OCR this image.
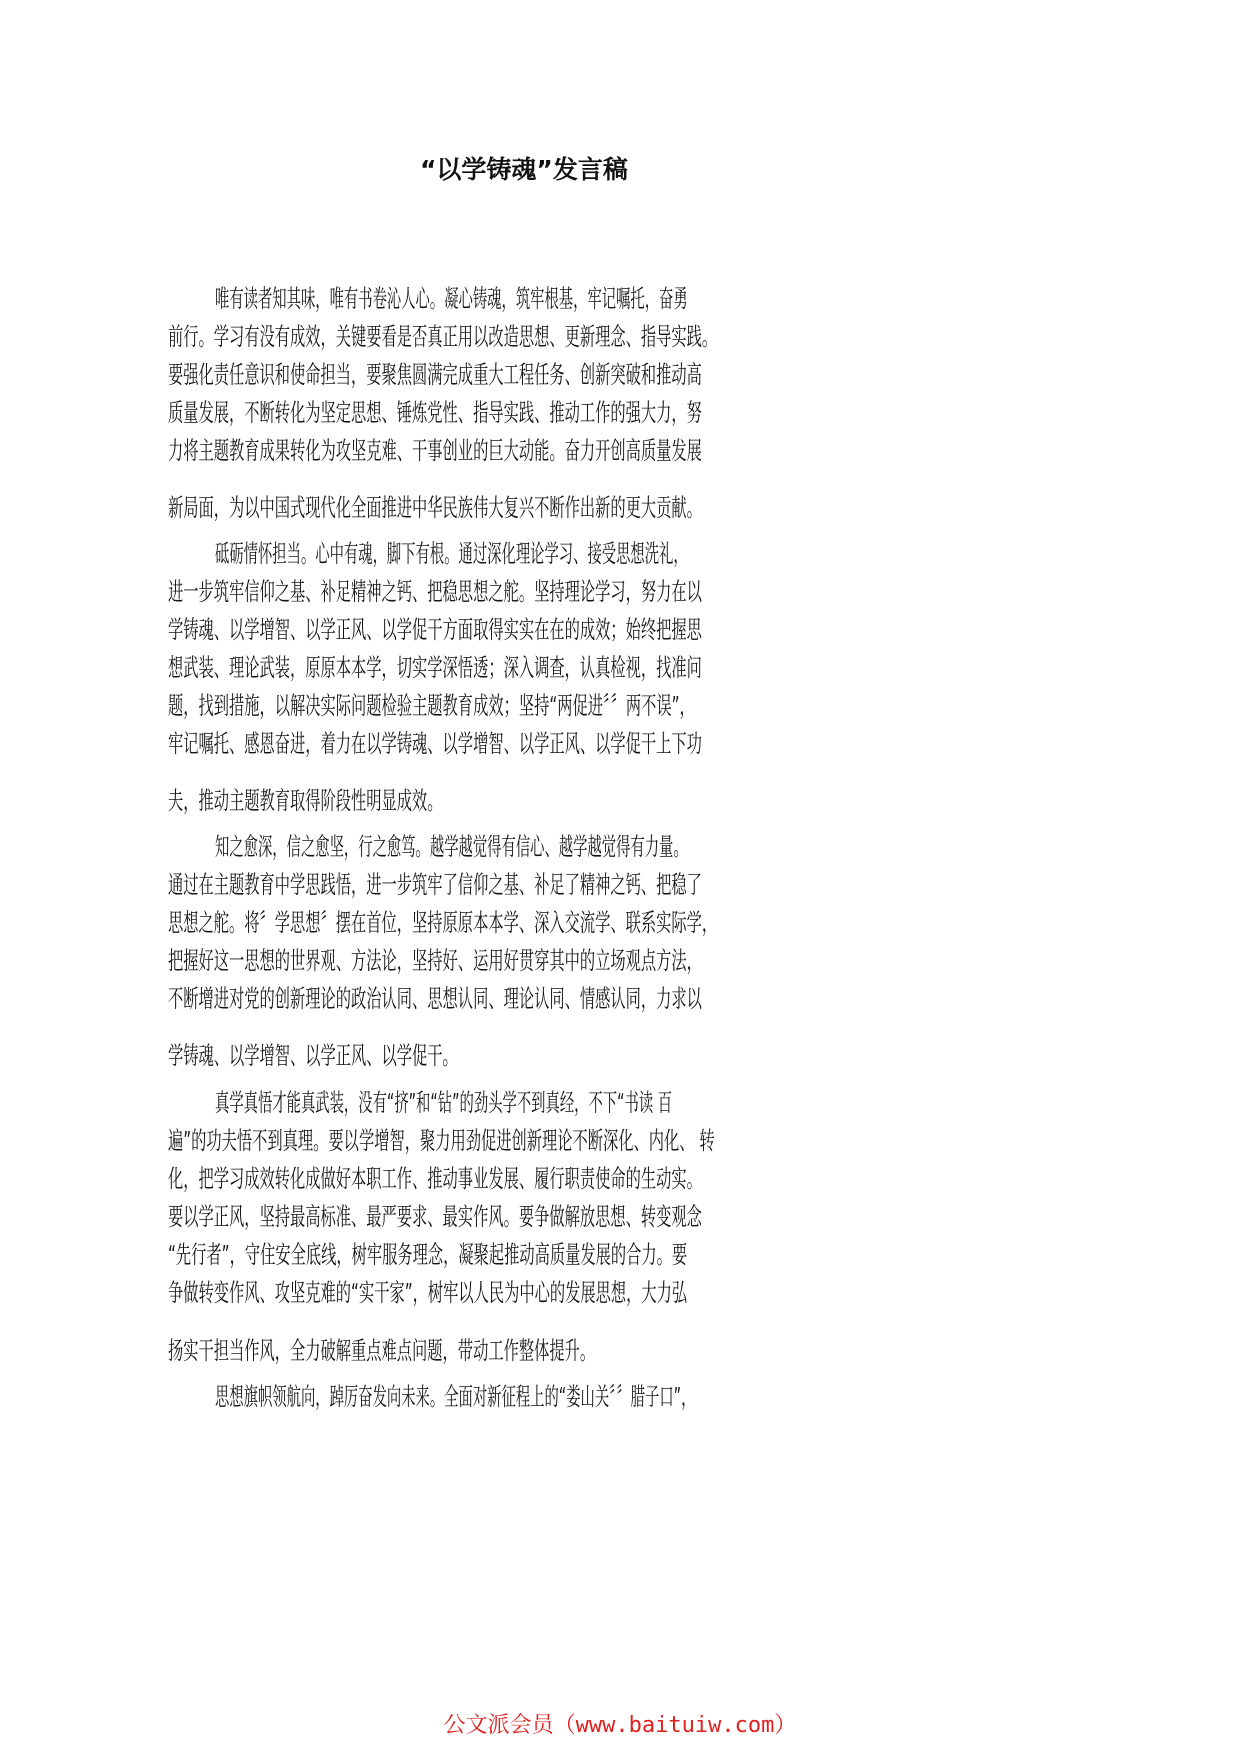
“以学铸魂”发言稿
唯有读者知其味，唯有书卷沁人心。凝心铸魂，筑牢根基，牢记嘱托，奋勇
前行。学习有没有成效，关键要看是否真正用以改造思想、更新理念、指导实践。
要强化责任意识和使命担当，要聚焦圆满完成重大工程任务、创新突破和推动高
质量发展，不断转化为坚定思想、锤炼党性、指导实践、推动工作的强大力，努
力将主题教育成果转化为攻坚克难、干事创业的巨大动能。奋力开创高质量发展
新局面，为以中国式现代化全面推进中华民族伟大复兴不断作出新的更大贡献。
砥砺情怀担当。心中有魂，脚下有根。通过深化理论学习、接受思想洗礼，
进一步筑牢信仰之基、补足精神之钙、把稳思想之舵。坚持理论学习，努力在以
学铸魂、以学增智、以学正风、以学促干方面取得实实在在的成效；始终把握思
想武装、理论武装，原原本本学，切实学深悟透；深入调查，认真检视，找准问
题，找到措施，以解决实际问题检验主题教育成效；坚持“两促进〞〞两不误”，
牢记嘱托、感恩奋进，着力在以学铸魂、以学增智、以学正风、以学促干上下功
夫，推动主题教育取得阶段性明显成效。
知之愈深，信之愈坚，行之愈笃。越学越觉得有信心、越学越觉得有力量。
通过在主题教育中学思践悟，进一步筑牢了信仰之基、补足了精神之钙、把稳了
思想之舵。将〞学思想〞摆在首位，坚持原原本本学、深入交流学、联系实际学，
把握好这一思想的世界观、方法论，坚持好、运用好贯穿其中的立场观点方法，
不断增进对党的创新理论的政治认同、思想认同、理论认同、情感认同，力求以
学铸魂、以学增智、以学正风、以学促干。
真学真悟才能真武装，没有“挤”和“钻”的劲头学不到真经，不下“书读 百
遍”的功夫悟不到真理。要以学增智，聚力用劲促进创新理论不断深化、内化、 转
化，把学习成效转化成做好本职工作、推动事业发展、履行职责使命的生动实。
要以学正风，坚持最高标准、最严要求、最实作风。要争做解放思想、转变观念
“先行者”，守住安全底线，树牢服务理念，凝聚起推动高质量发展的合力。要
争做转变作风、攻坚克难的“实干家”，树牢以人民为中心的发展思想，大力弘
扬实干担当作风，全力破解重点难点问题，带动工作整体提升。
思想旗帜领航向，踔厉奋发向未来。全面对新征程上的“娄山关〞〞腊子口”，
公文派会员（www.baituiw.com）
